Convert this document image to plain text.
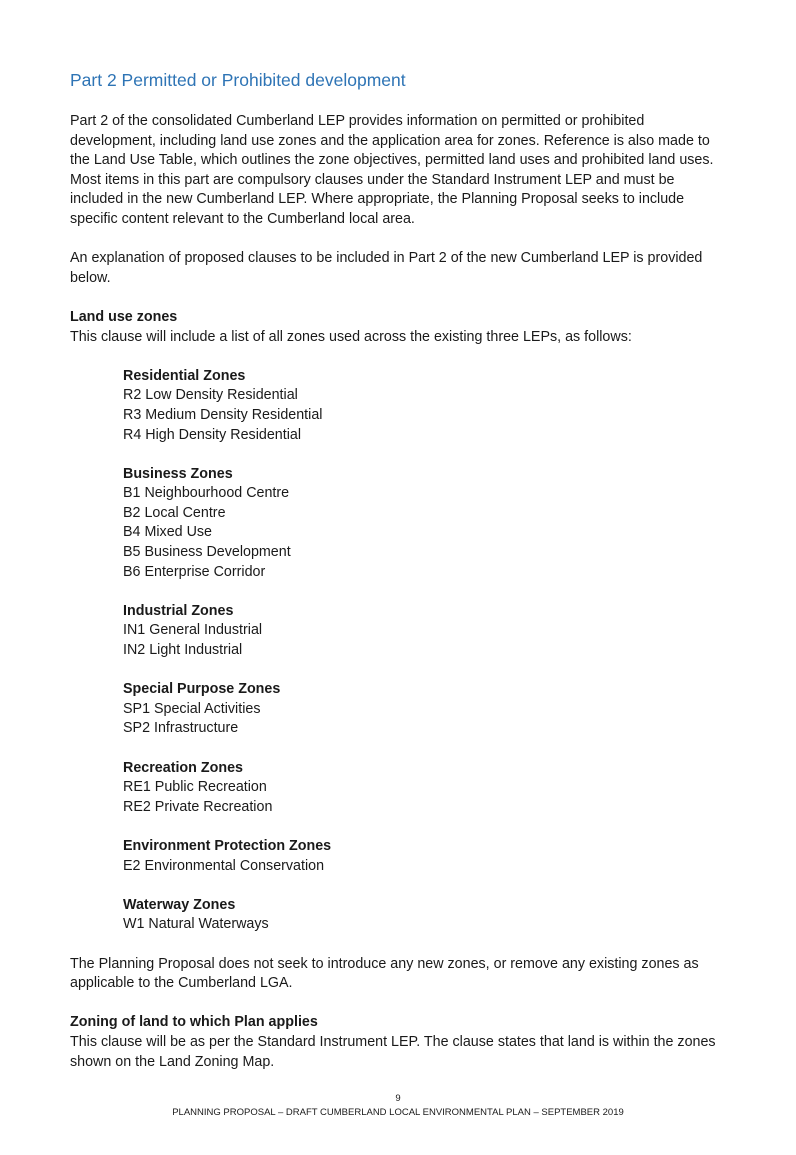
Part 2 Permitted or Prohibited development

Part 2 of the consolidated Cumberland LEP provides information on permitted or prohibited development, including land use zones and the application area for zones. Reference is also made to the Land Use Table, which outlines the zone objectives, permitted land uses and prohibited land uses. Most items in this part are compulsory clauses under the Standard Instrument LEP and must be included in the new Cumberland LEP. Where appropriate, the Planning Proposal seeks to include specific content relevant to the Cumberland local area.

An explanation of proposed clauses to be included in Part 2 of the new Cumberland LEP is provided below.

Land use zones

This clause will include a list of all zones used across the existing three LEPs, as follows:

Residential Zones
R2 Low Density Residential
R3 Medium Density Residential
R4 High Density Residential
Business Zones
B1 Neighbourhood Centre
B2 Local Centre
B4 Mixed Use
B5 Business Development
B6 Enterprise Corridor
Industrial Zones
IN1 General Industrial
IN2 Light Industrial
Special Purpose Zones
SP1 Special Activities
SP2 Infrastructure
Recreation Zones
RE1 Public Recreation
RE2 Private Recreation
Environment Protection Zones
E2 Environmental Conservation
Waterway Zones
W1 Natural Waterways

The Planning Proposal does not seek to introduce any new zones, or remove any existing zones as applicable to the Cumberland LGA.

Zoning of land to which Plan applies

This clause will be as per the Standard Instrument LEP. The clause states that land is within the zones shown on the Land Zoning Map.

9
PLANNING PROPOSAL – DRAFT CUMBERLAND LOCAL ENVIRONMENTAL PLAN – SEPTEMBER 2019
